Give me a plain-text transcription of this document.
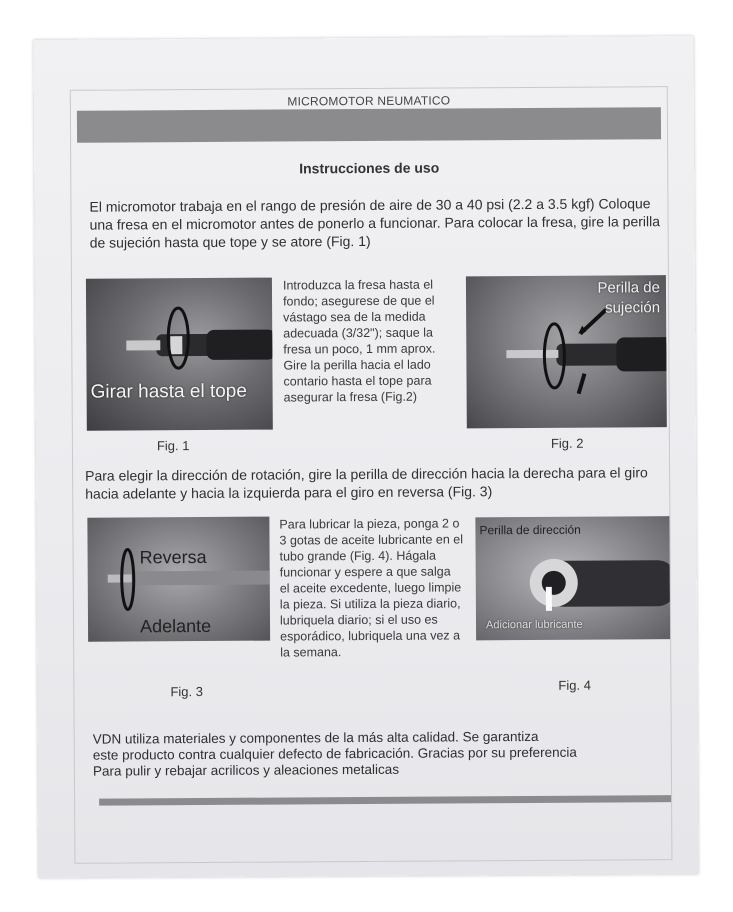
MICROMOTOR NEUMATICO
Instrucciones de uso
El micromotor trabaja en el rango de presión de aire de 30 a 40 psi (2.2 a 3.5 kgf) Coloque una fresa en el micromotor antes de ponerlo a funcionar. Para colocar la fresa, gire la perilla de sujeción hasta que tope y se atore (Fig. 1)
Girar hasta el tope
Fig. 1
Introduzca la fresa hasta el fondo; asegurese de que el vástago sea de la medida adecuada (3/32"); saque la fresa un poco, 1 mm aprox. Gire la perilla hacia el lado contario hasta el tope para asegurar la fresa (Fig.2)
Perilla de
sujeción
Fig. 2
Para elegir la dirección de rotación, gire la perilla de dirección hacia la derecha para el giro hacia adelante y hacia la izquierda para el giro en reversa (Fig. 3)
Reversa
Adelante
Fig. 3
Para lubricar la pieza, ponga 2 o 3 gotas de aceite lubricante en el tubo grande (Fig. 4). Hágala funcionar y espere a que salga el aceite excedente, luego limpie la pieza. Si utiliza la pieza diario, lubriquela diario; si el uso es esporádico, lubriquela una vez a la semana.
Perilla de dirección
Adicionar lubricante
Fig. 4
VDN utiliza materiales y componentes de la más alta calidad. Se garantiza
este producto contra cualquier defecto de fabricación. Gracias por su preferencia
Para pulir y rebajar acrilicos y aleaciones metalicas
